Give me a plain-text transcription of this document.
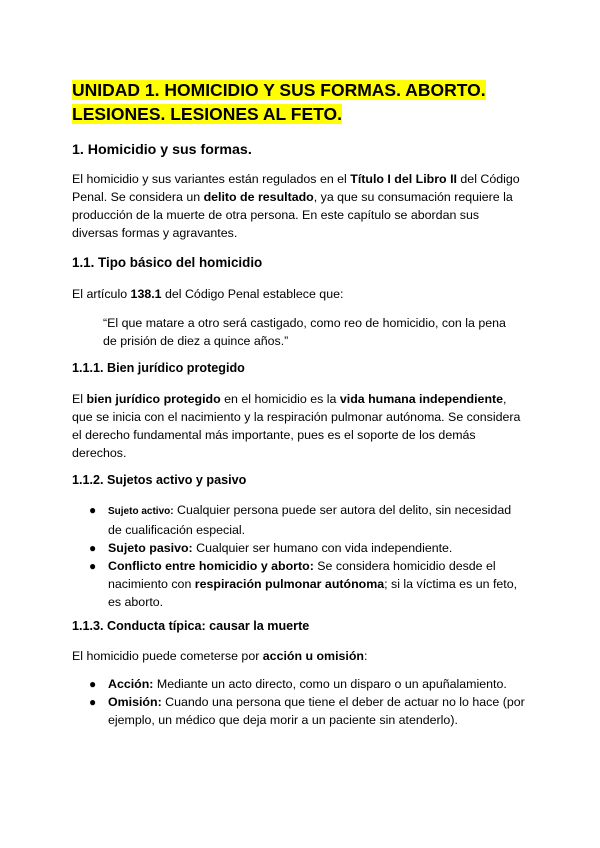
UNIDAD 1. HOMICIDIO Y SUS FORMAS. ABORTO.
LESIONES. LESIONES AL FETO.

1. Homicidio y sus formas.

El homicidio y sus variantes están regulados en el Título I del Libro II del Código Penal. Se considera un delito de resultado, ya que su consumación requiere la producción de la muerte de otra persona. En este capítulo se abordan sus diversas formas y agravantes.

1.1. Tipo básico del homicidio

El artículo 138.1 del Código Penal establece que:

“El que matare a otro será castigado, como reo de homicidio, con la pena de prisión de diez a quince años.”

1.1.1. Bien jurídico protegido

El bien jurídico protegido en el homicidio es la vida humana independiente, que se inicia con el nacimiento y la respiración pulmonar autónoma. Se considera el derecho fundamental más importante, pues es el soporte de los demás derechos.

1.1.2. Sujetos activo y pasivo

● Sujeto activo: Cualquier persona puede ser autora del delito, sin necesidad de cualificación especial.
● Sujeto pasivo: Cualquier ser humano con vida independiente.
● Conflicto entre homicidio y aborto: Se considera homicidio desde el nacimiento con respiración pulmonar autónoma; si la víctima es un feto, es aborto.

1.1.3. Conducta típica: causar la muerte

El homicidio puede cometerse por acción u omisión:

● Acción: Mediante un acto directo, como un disparo o un apuñalamiento.
● Omisión: Cuando una persona que tiene el deber de actuar no lo hace (por ejemplo, un médico que deja morir a un paciente sin atenderlo).
